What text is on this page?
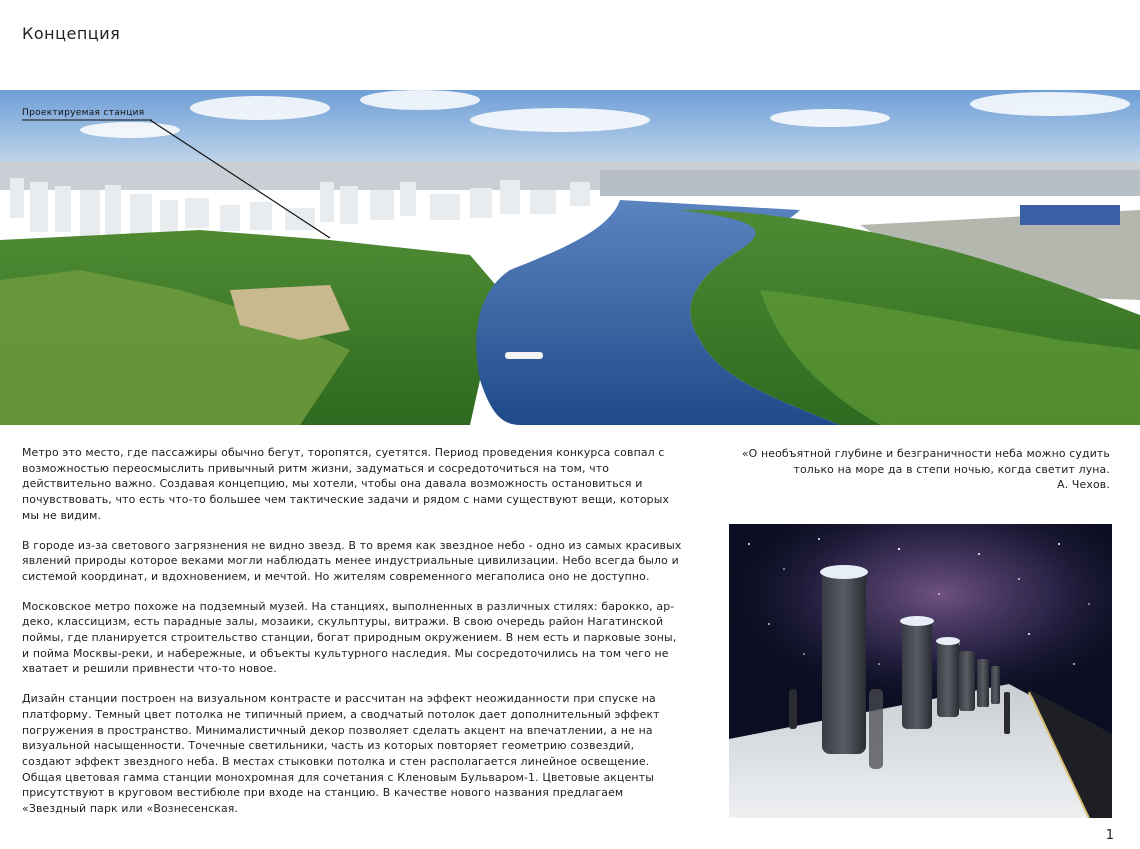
Концепция
Проектируемая станция

Метро это место, где пассажиры обычно бегут, торопятся, суетятся. Период проведения конкурса совпал с возможностью переосмыслить привычный ритм жизни, задуматься и сосредоточиться на том, что действительно важно. Создавая концепцию, мы хотели, чтобы она давала возможность остановиться и почувствовать, что есть что-то большее чем тактические задачи и рядом с нами существуют вещи, которых мы не видим.

В городе из-за светового загрязнения не видно звезд. В то время как звездное небо - одно из самых красивых явлений природы которое веками могли наблюдать менее индустриальные цивилизации. Небо всегда было и системой координат, и вдохновением, и мечтой. Но жителям современного мегаполиса оно не доступно.

Московское метро похоже на подземный музей. На станциях, выполненных в различных стилях: барокко, ар-деко, классицизм, есть парадные залы, мозаики, скульптуры, витражи. В свою очередь район Нагатинской поймы, где планируется строительство станции, богат природным окружением. В нем есть и парковые зоны, и пойма Москвы-реки, и набережные, и объекты культурного наследия. Мы сосредоточились на том чего не хватает и решили привнести что-то новое.

Дизайн станции построен на визуальном контрасте и рассчитан на эффект неожиданности при спуске на платформу. Темный цвет потолка не типичный прием, а сводчатый потолок дает дополнительный эффект погружения в пространство. Минималистичный декор позволяет сделать акцент на впечатлении, а не на визуальной насыщенности. Точечные светильники, часть из которых повторяет геометрию созвездий, создают эффект звездного неба. В местах стыковки потолка и стен располагается линейное освещение. Общая цветовая гамма станции монохромная для сочетания с Кленовым Бульваром-1. Цветовые акценты присутствуют в круговом вестибюле при входе на станцию. В качестве нового названия предлагаем «Звездный парк или «Вознесенская.

«О необъятной глубине и безграничности неба можно судить
только на море да в степи ночью, когда светит луна.
А. Чехов.
1
